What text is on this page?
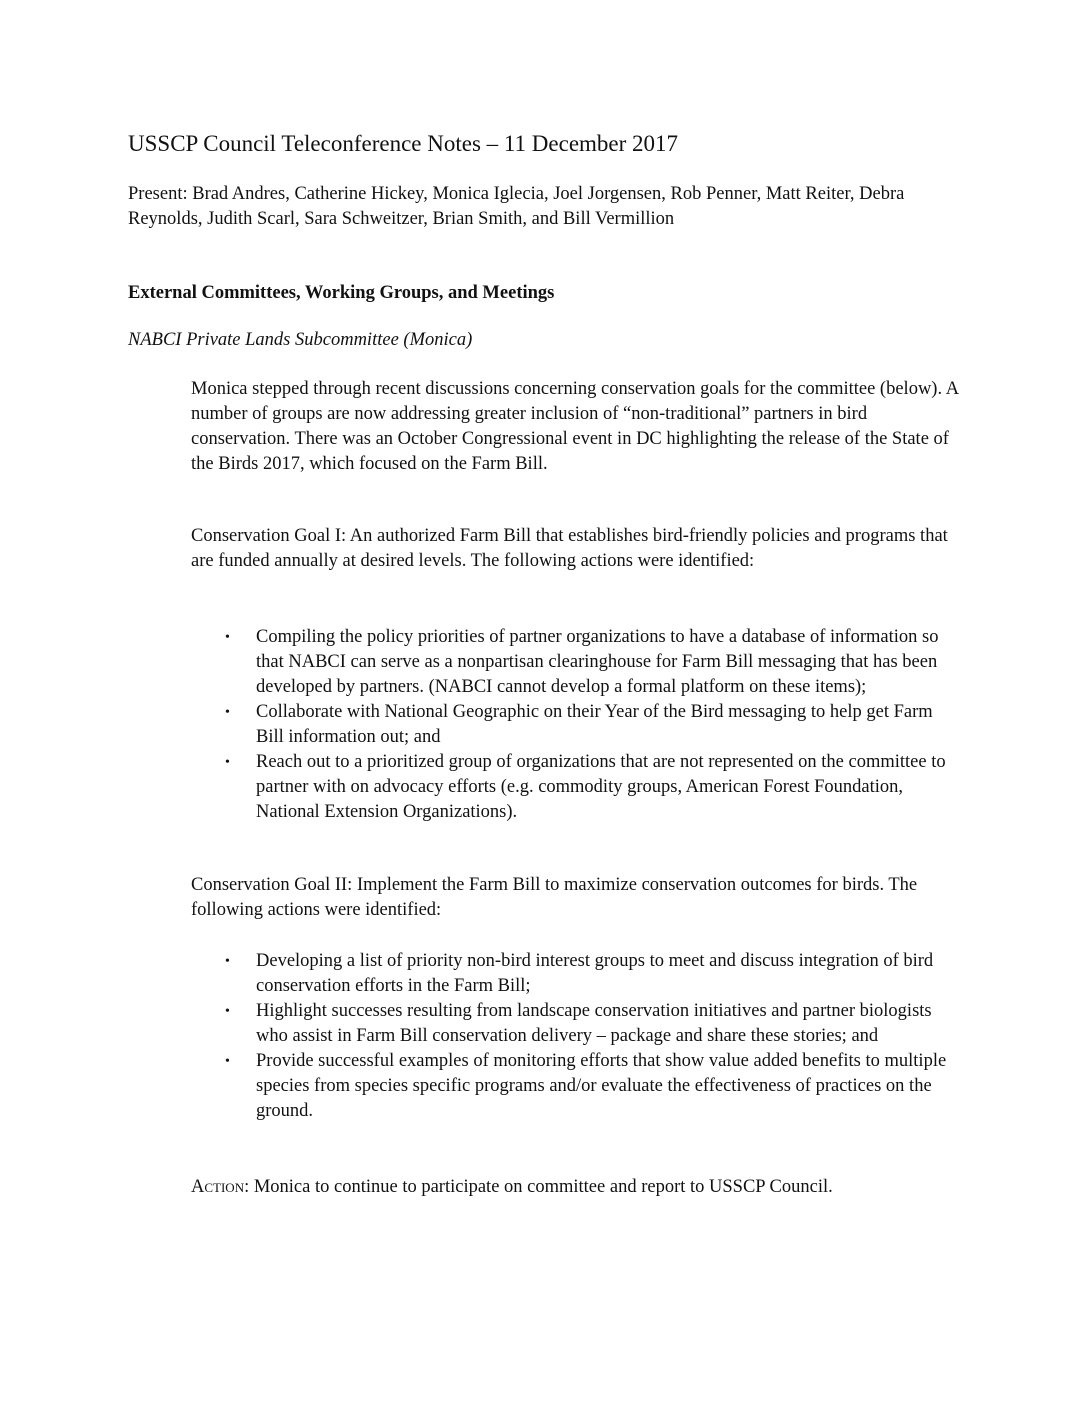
USSCP Council Teleconference Notes – 11 December 2017

Present: Brad Andres, Catherine Hickey, Monica Iglecia, Joel Jorgensen, Rob Penner, Matt Reiter, Debra Reynolds, Judith Scarl, Sara Schweitzer, Brian Smith, and Bill Vermillion

External Committees, Working Groups, and Meetings

NABCI Private Lands Subcommittee (Monica)

Monica stepped through recent discussions concerning conservation goals for the committee (below). A number of groups are now addressing greater inclusion of “non-traditional” partners in bird conservation. There was an October Congressional event in DC highlighting the release of the State of the Birds 2017, which focused on the Farm Bill.

Conservation Goal I: An authorized Farm Bill that establishes bird-friendly policies and programs that are funded annually at desired levels. The following actions were identified:

•	Compiling the policy priorities of partner organizations to have a database of information so that NABCI can serve as a nonpartisan clearinghouse for Farm Bill messaging that has been developed by partners. (NABCI cannot develop a formal platform on these items);
•	Collaborate with National Geographic on their Year of the Bird messaging to help get Farm Bill information out; and
•	Reach out to a prioritized group of organizations that are not represented on the committee to partner with on advocacy efforts (e.g. commodity groups, American Forest Foundation, National Extension Organizations).

Conservation Goal II: Implement the Farm Bill to maximize conservation outcomes for birds. The following actions were identified:

•	Developing a list of priority non-bird interest groups to meet and discuss integration of bird conservation efforts in the Farm Bill;
•	Highlight successes resulting from landscape conservation initiatives and partner biologists who assist in Farm Bill conservation delivery – package and share these stories; and
•	Provide successful examples of monitoring efforts that show value added benefits to multiple species from species specific programs and/or evaluate the effectiveness of practices on the ground.

Action: Monica to continue to participate on committee and report to USSCP Council.
